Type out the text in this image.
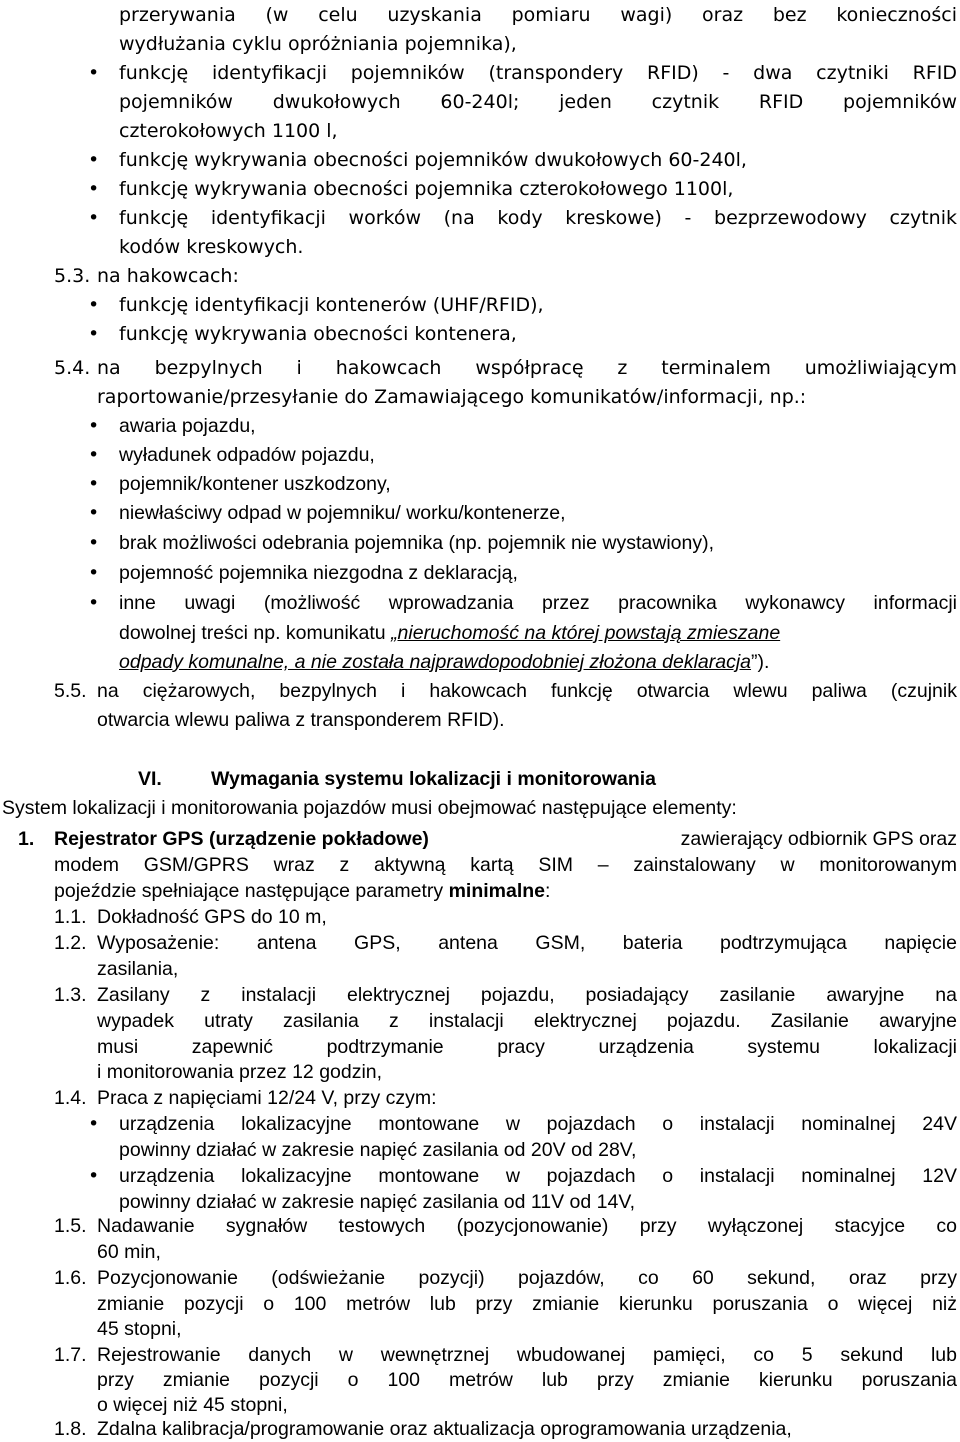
przerywania (w celu uzyskania pomiaru wagi) oraz bez konieczności
wydłużania cyklu opróżniania pojemnika),
• funkcję identyfikacji pojemników (transpondery RFID) - dwa czytniki RFID
pojemników dwukołowych 60-240l; jeden czytnik RFID pojemników
czterokołowych 1100 l,
• funkcję wykrywania obecności pojemników dwukołowych 60-240l,
• funkcję wykrywania obecności pojemnika czterokołowego 1100l,
• funkcję identyfikacji worków (na kody kreskowe) - bezprzewodowy czytnik
kodów kreskowych.
5.3. na hakowcach:
• funkcję identyfikacji kontenerów (UHF/RFID),
• funkcję wykrywania obecności kontenera,
5.4. na bezpylnych i hakowcach współpracę z terminalem umożliwiającym
raportowanie/przesyłanie do Zamawiającego komunikatów/informacji, np.:
• awaria pojazdu,
• wyładunek odpadów pojazdu,
• pojemnik/kontener uszkodzony,
• niewłaściwy odpad w pojemniku/ worku/kontenerze,
• brak możliwości odebrania pojemnika (np. pojemnik nie wystawiony),
• pojemność pojemnika niezgodna z deklaracją,
• inne uwagi (możliwość wprowadzania przez pracownika wykonawcy informacji
dowolnej treści np. komunikatu „nieruchomość na której powstają zmieszane
odpady komunalne, a nie została najprawdopodobniej złożona deklaracja”).
5.5. na ciężarowych, bezpylnych i hakowcach funkcję otwarcia wlewu paliwa (czujnik
otwarcia wlewu paliwa z transponderem RFID).
VI.	Wymagania systemu lokalizacji i monitorowania
System lokalizacji i monitorowania pojazdów musi obejmować następujące elementy:
1. Rejestrator GPS (urządzenie pokładowe)	zawierający odbiornik GPS oraz
modem GSM/GPRS wraz z aktywną kartą SIM – zainstalowany w monitorowanym
pojeździe spełniające następujące parametry minimalne:
1.1. Dokładność GPS do 10 m,
1.2. Wyposażenie: antena GPS, antena GSM, bateria podtrzymująca napięcie
zasilania,
1.3. Zasilany z instalacji elektrycznej pojazdu, posiadający zasilanie awaryjne na
wypadek utraty zasilania z instalacji elektrycznej pojazdu. Zasilanie awaryjne
musi zapewnić podtrzymanie pracy urządzenia systemu lokalizacji
i monitorowania przez 12 godzin,
1.4. Praca z napięciami 12/24 V, przy czym:
• urządzenia lokalizacyjne montowane w pojazdach o instalacji nominalnej 24V
powinny działać w zakresie napięć zasilania od 20V od 28V,
• urządzenia lokalizacyjne montowane w pojazdach o instalacji nominalnej 12V
powinny działać w zakresie napięć zasilania od 11V od 14V,
1.5. Nadawanie sygnałów testowych (pozycjonowanie) przy wyłączonej stacyjce co
60 min,
1.6. Pozycjonowanie (odświeżanie pozycji) pojazdów, co 60 sekund, oraz przy
zmianie pozycji o 100 metrów lub przy zmianie kierunku poruszania o więcej niż
45 stopni,
1.7. Rejestrowanie danych w wewnętrznej wbudowanej pamięci, co 5 sekund lub
przy zmianie pozycji o 100 metrów lub przy zmianie kierunku poruszania
o więcej niż 45 stopni,
1.8. Zdalna kalibracja/programowanie oraz aktualizacja oprogramowania urządzenia,
